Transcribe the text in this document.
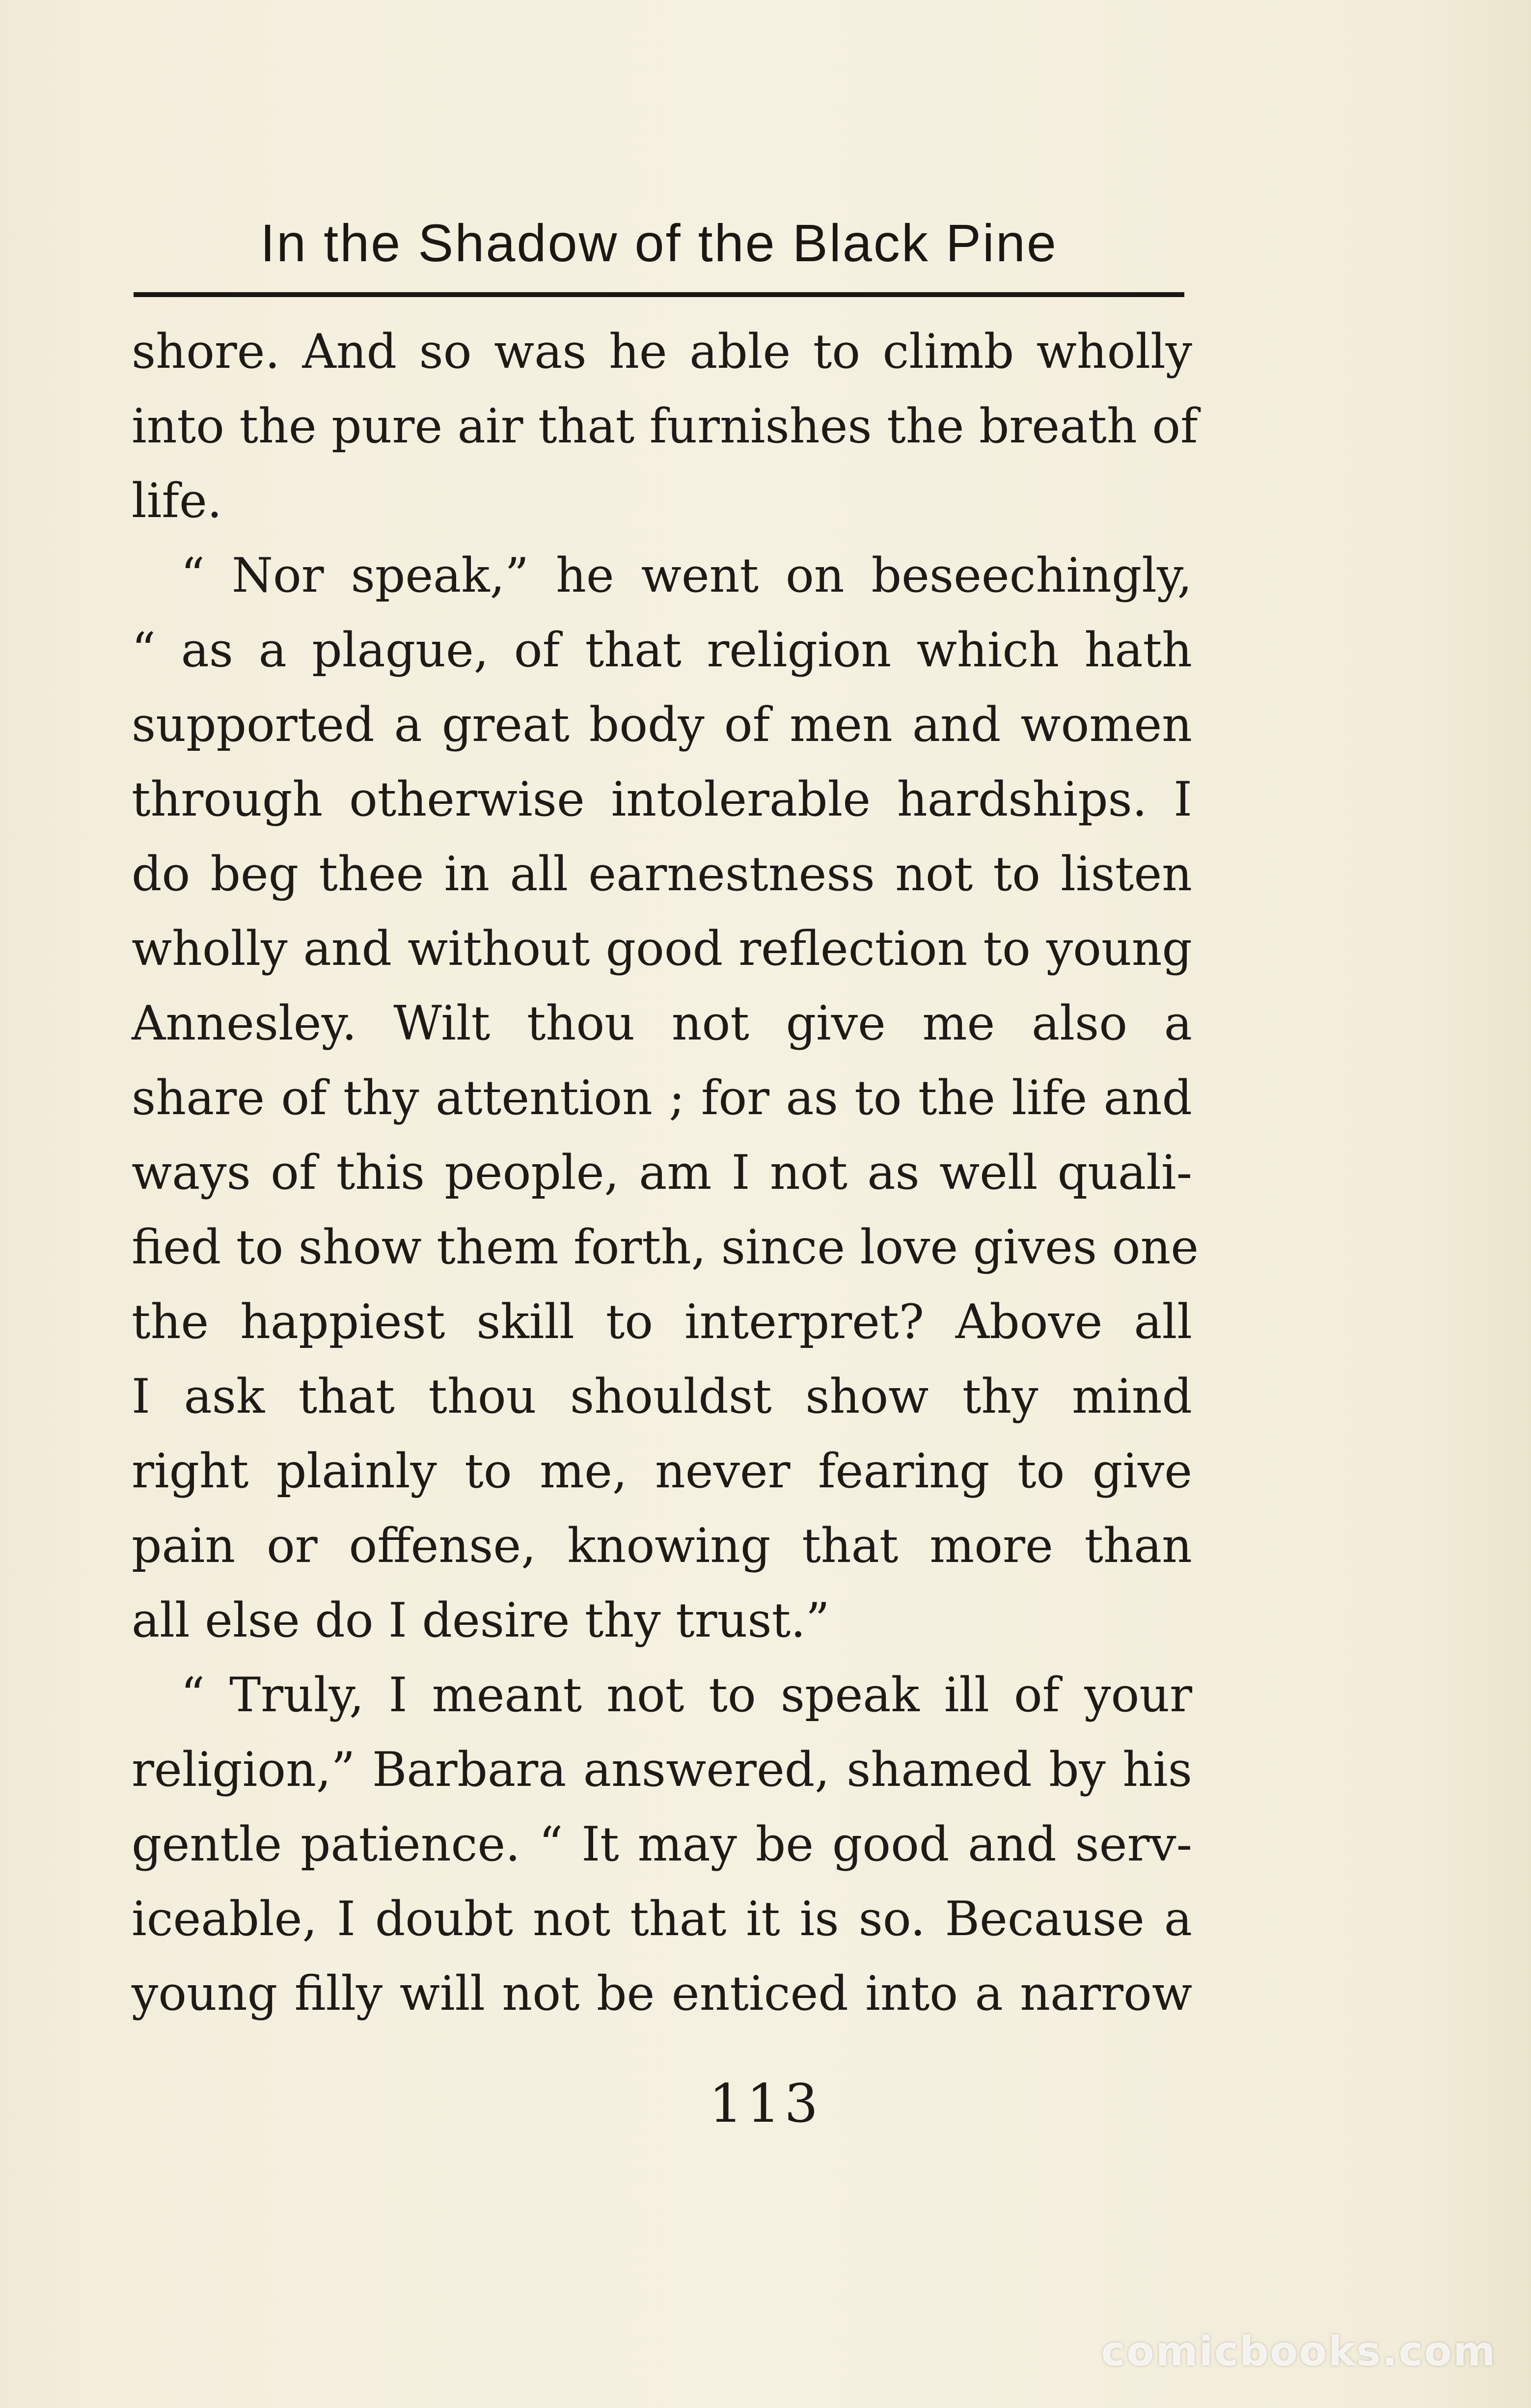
In the Shadow of the Black Pine
shore. And so was he able to climb wholly
into the pure air that furnishes the breath of
life.
“ Nor speak,” he went on beseechingly,
“ as a plague, of that religion which hath
supported a great body of men and women
through otherwise intolerable hardships. I
do beg thee in all earnestness not to listen
wholly and without good reflection to young
Annesley. Wilt thou not give me also a
share of thy attention ; for as to the life and
ways of this people, am I not as well quali-
fied to show them forth, since love gives one
the happiest skill to interpret? Above all
I ask that thou shouldst show thy mind
right plainly to me, never fearing to give
pain or offense, knowing that more than
all else do I desire thy trust.”
“ Truly, I meant not to speak ill of your
religion,” Barbara answered, shamed by his
gentle patience. “ It may be good and serv-
iceable, I doubt not that it is so. Because a
young filly will not be enticed into a narrow
113
comicbooks.com
